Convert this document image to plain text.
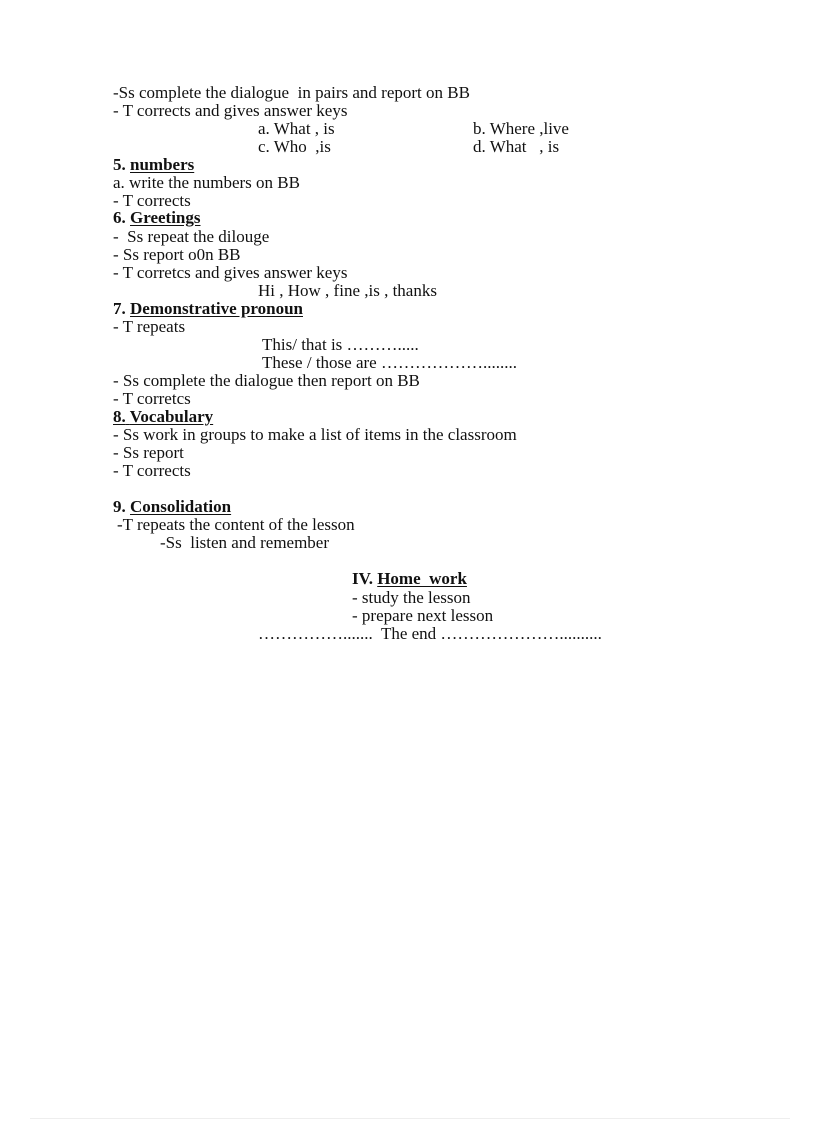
-Ss complete the dialogue  in pairs and report on BB
- T corrects and gives answer keys
a. What , is	b. Where ,live
c. Who  ,is	d. What   , is
5. numbers
a. write the numbers on BB
- T corrects
6. Greetings
-  Ss repeat the dilouge
- Ss report o0n BB
- T corretcs and gives answer keys
Hi , How , fine ,is , thanks
7. Demonstrative pronoun
- T repeats
This/ that is ……….....
These / those are ………………........
- Ss complete the dialogue then report on BB
- T corretcs
8. Vocabulary
- Ss work in groups to make a list of items in the classroom
- Ss report
- T corrects
9. Consolidation
-T repeats the content of the lesson
-Ss  listen and remember
IV. Home  work
- study the lesson
- prepare next lesson
…………….......  The end …………………..........
